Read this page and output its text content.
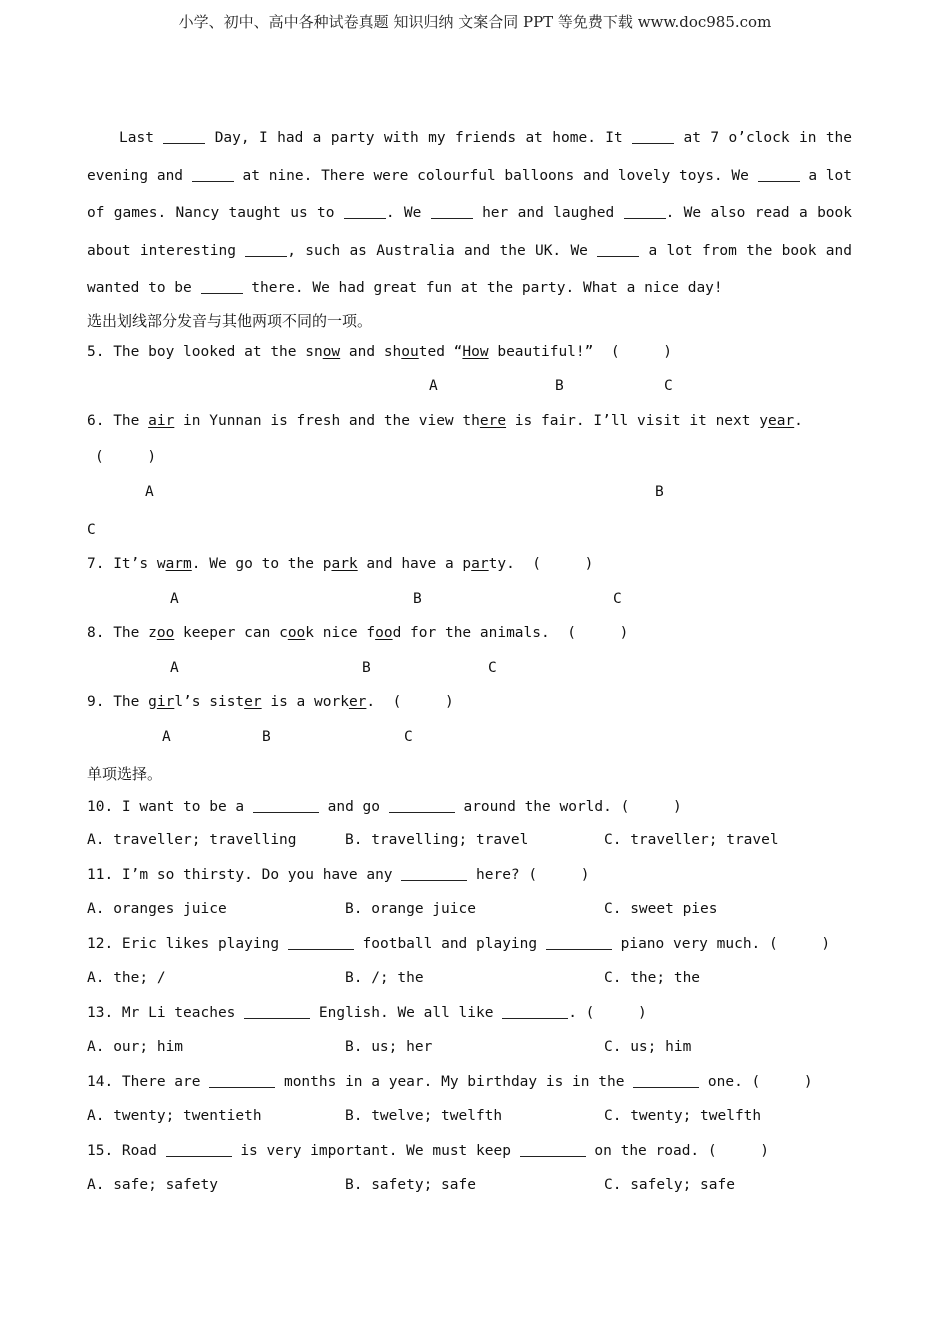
小学、初中、高中各种试卷真题 知识归纳 文案合同 PPT 等免费下载 www.doc985.com
Last	Day, I had a party with my friends at home. It	at 7 o’clock in the evening and	at nine. There were colourful balloons and lovely toys. We	a lot of games. Nancy taught us to	. We	her and laughed	. We also read a book about interesting	, such as Australia and the UK. We	a lot from the book and wanted to be	there. We had great fun at the party. What a nice day!
选出划线部分发音与其他两项不同的一项。
5. The boy looked at the snow and shouted “How beautiful!”  (     )
A	B	C
6. The air in Yunnan is fresh and the view there is fair. I’ll visit it next year.
(     )
A	B
C
7. It’s warm. We go to the park and have a party.  (     )
A	B	C
8. The zoo keeper can cook nice food for the animals.  (     )
A	B	C
9. The girl’s sister is a worker.  (     )
A	B	C
单项选择。
10. I want to be a	and go	around the world. (     )
A. traveller; travelling	B. travelling; travel	C. traveller; travel
11. I’m so thirsty. Do you have any	here? (     )
A. oranges juice	B. orange juice	C. sweet pies
12. Eric likes playing	football and playing	piano very much. (     )
A. the; /	B. /; the	C. the; the
13. Mr Li teaches	English. We all like	. (     )
A. our; him	B. us; her	C. us; him
14. There are	months in a year. My birthday is in the	one. (     )
A. twenty; twentieth	B. twelve; twelfth	C. twenty; twelfth
15. Road	is very important. We must keep	on the road. (     )
A. safe; safety	B. safety; safe	C. safely; safe
